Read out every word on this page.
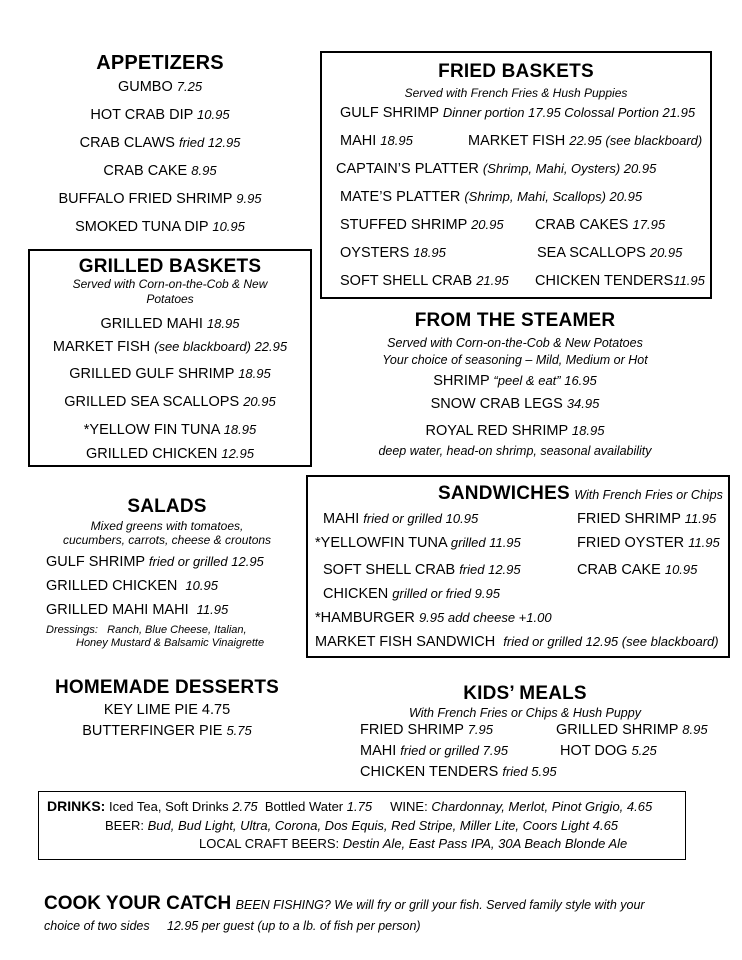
APPETIZERS
GUMBO 7.25
HOT CRAB DIP 10.95
CRAB CLAWS fried 12.95
CRAB CAKE 8.95
BUFFALO FRIED SHRIMP 9.95
SMOKED TUNA DIP 10.95
FRIED BASKETS
Served with French Fries & Hush Puppies
GULF SHRIMP Dinner portion 17.95 Colossal Portion 21.95
MAHI 18.95	MARKET FISH 22.95 (see blackboard)
CAPTAIN’S PLATTER (Shrimp, Mahi, Oysters) 20.95
MATE’S PLATTER (Shrimp, Mahi, Scallops) 20.95
STUFFED SHRIMP 20.95 CRAB CAKES 17.95
OYSTERS 18.95	SEA SCALLOPS 20.95
SOFT SHELL CRAB 21.95 CHICKEN TENDERS11.95
GRILLED BASKETS
Served with Corn-on-the-Cob & New
Potatoes
GRILLED MAHI 18.95
MARKET FISH (see blackboard) 22.95
GRILLED GULF SHRIMP 18.95
GRILLED SEA SCALLOPS 20.95
*YELLOW FIN TUNA 18.95
GRILLED CHICKEN 12.95
FROM THE STEAMER
Served with Corn-on-the-Cob & New Potatoes
Your choice of seasoning – Mild, Medium or Hot
SHRIMP “peel & eat” 16.95
SNOW CRAB LEGS 34.95
ROYAL RED SHRIMP 18.95
deep water, head-on shrimp, seasonal availability
SALADS
Mixed greens with tomatoes,
cucumbers, carrots, cheese & croutons
GULF SHRIMP fried or grilled 12.95
GRILLED CHICKEN 10.95
GRILLED MAHI MAHI 11.95
Dressings: Ranch, Blue Cheese, Italian,
Honey Mustard & Balsamic Vinaigrette
SANDWICHES With French Fries or Chips
MAHI fried or grilled 10.95	FRIED SHRIMP 11.95
*YELLOWFIN TUNA grilled 11.95	FRIED OYSTER 11.95
SOFT SHELL CRAB fried 12.95	CRAB CAKE 10.95
CHICKEN grilled or fried 9.95
*HAMBURGER 9.95 add cheese +1.00
MARKET FISH SANDWICH fried or grilled 12.95 (see blackboard)
HOMEMADE DESSERTS
KEY LIME PIE 4.75
BUTTERFINGER PIE 5.75
KIDS’ MEALS
With French Fries or Chips & Hush Puppy
FRIED SHRIMP 7.95	GRILLED SHRIMP 8.95
MAHI fried or grilled 7.95	HOT DOG 5.25
CHICKEN TENDERS fried 5.95
DRINKS: Iced Tea, Soft Drinks 2.75 Bottled Water 1.75 WINE: Chardonnay, Merlot, Pinot Grigio, 4.65
BEER: Bud, Bud Light, Ultra, Corona, Dos Equis, Red Stripe, Miller Lite, Coors Light 4.65
LOCAL CRAFT BEERS: Destin Ale, East Pass IPA, 30A Beach Blonde Ale
COOK YOUR CATCH BEEN FISHING? We will fry or grill your fish. Served family style with your
choice of two sides     12.95 per guest (up to a lb. of fish per person)
